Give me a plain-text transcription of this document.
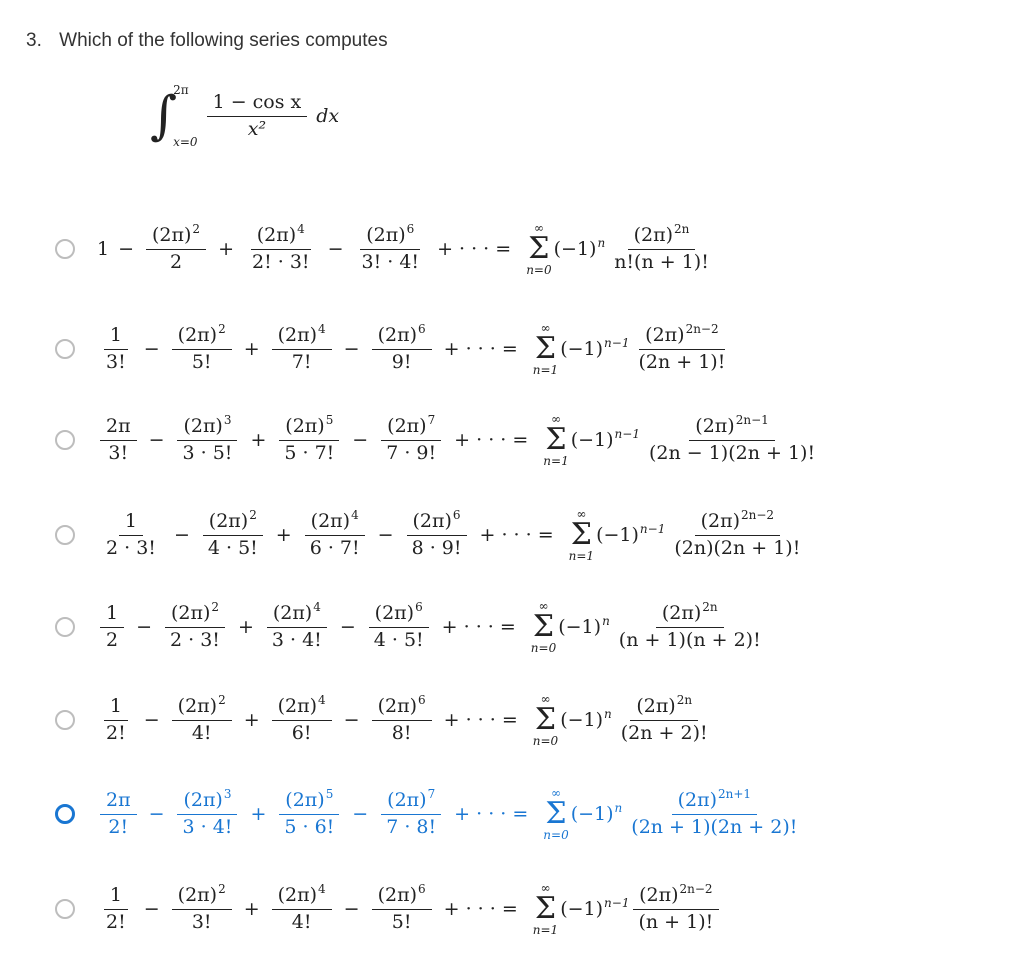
3. Which of the following series computes
∫
2π
$x=0 \frac{\text{1 − cos x}}{\text{x²}}$ dx
$1 - \frac{(2\pi)^2}{2} + \frac{(2\pi)^4}{2! \cdot 3!} - \frac{(2\pi)^6}{3! \cdot 4!}$ + · · · =
∞
Σ
n=0
$(-1)^n \frac{(2\pi)^{2n}}{n!(n + 1)!}$
$\frac{1}{3!} - \frac{(2\pi)^2}{5!} + \frac{(2\pi)^4}{7!} - \frac{(2\pi)^6}{9!}$ + · · · =
∞
Σ
n=1
$(-1)^{n-1} \frac{(2\pi)^{2n-2}}{(2n + 1)!}$
$\frac{2\pi}{3!} - \frac{(2\pi)^3}{3 \cdot 5!} + \frac{(2\pi)^5}{5 \cdot 7!} - \frac{(2\pi)^7}{7 \cdot 9!}$ + · · · =
∞
Σ
n=1
$(-1)^{n-1} \frac{(2\pi)^{2n-1}}{(2n - 1)(2n + 1)!}$
$\frac{1}{2 \cdot 3!} - \frac{(2\pi)^2}{4 \cdot 5!} + \frac{(2\pi)^4}{6 \cdot 7!} - \frac{(2\pi)^6}{8 \cdot 9!}$ + · · · =
∞
Σ
n=1
$(-1)^{n-1} \frac{(2\pi)^{2n-2}}{(2n)(2n + 1)!}$
$\frac{1}{2} - \frac{(2\pi)^2}{2 \cdot 3!} + \frac{(2\pi)^4}{3 \cdot 4!} - \frac{(2\pi)^6}{4 \cdot 5!}$ + · · · =
∞
Σ
n=0
$(-1)^n \frac{(2\pi)^{2n}}{(n + 1)(n + 2)!}$
$\frac{1}{2!} - \frac{(2\pi)^2}{4!} + \frac{(2\pi)^4}{6!} - \frac{(2\pi)^6}{8!}$ + · · · =
∞
Σ
n=0
$(-1)^n \frac{(2\pi)^{2n}}{(2n + 2)!}$
$\frac{2\pi}{2!} - \frac{(2\pi)^3}{3 \cdot 4!} + \frac{(2\pi)^5}{5 \cdot 6!} - \frac{(2\pi)^7}{7 \cdot 8!}$ + · · · =
∞
Σ
n=0
$(-1)^n \frac{(2\pi)^{2n+1}}{(2n + 1)(2n + 2)!}$
$\frac{1}{2!} - \frac{(2\pi)^2}{3!} + \frac{(2\pi)^4}{4!} - \frac{(2\pi)^6}{5!}$ + · · · =
∞
Σ
n=1
$(-1)^{n-1} \frac{(2\pi)^{2n-2}}{(n + 1)!}$
